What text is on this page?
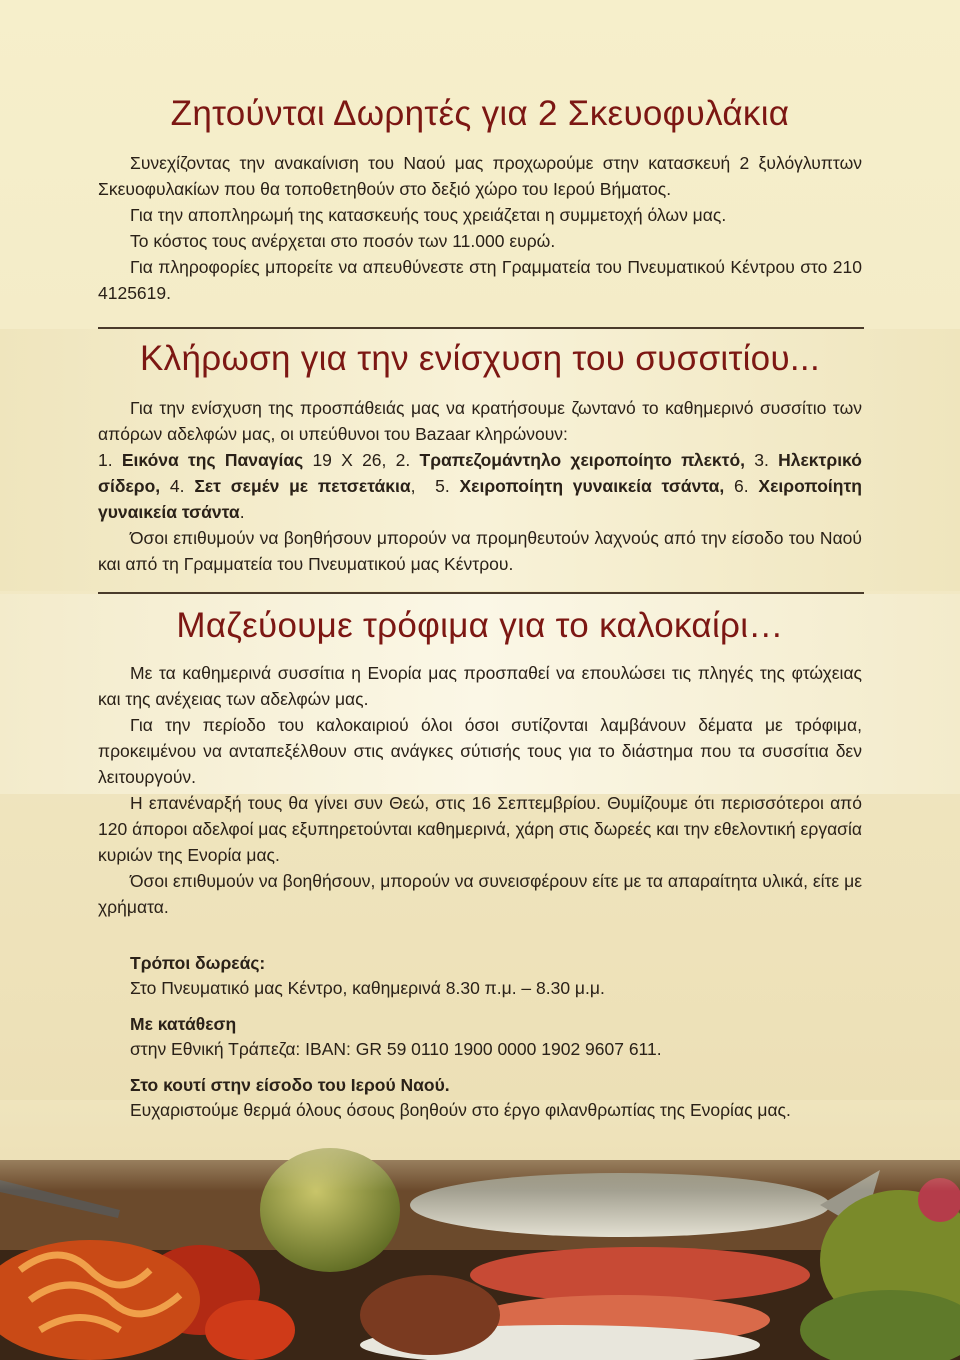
Ζητούνται Δωρητές για 2 Σκευοφυλάκια

Συνεχίζοντας την ανακαίνιση του Ναού μας προχωρούμε στην κατασκευή 2 ξυλόγλυπτων Σκευοφυλακίων που θα τοποθετηθούν στο δεξιό χώρο του Ιερού Βήματος.

Για την αποπληρωμή της κατασκευής τους χρειάζεται η συμμετοχή όλων μας.

Το κόστος τους ανέρχεται στο ποσόν των 11.000 ευρώ.

Για πληροφορίες μπορείτε να απευθύνεστε στη Γραμματεία του Πνευματικού Κέντρου στο 210 4125619.

Κλήρωση για την ενίσχυση του συσσιτίου...

Για την ενίσχυση της προσπάθειάς μας να κρατήσουμε ζωντανό το καθημερινό συσσίτιο των απόρων αδελφών μας, οι υπεύθυνοι του Bazaar κληρώνουν:

1. Εικόνα της Παναγίας 19 Χ 26, 2. Τραπεζομάντηλο χειροποίητο πλεκτό, 3. Ηλεκτρικό σίδερο, 4. Σετ σεμέν με πετσετάκια, 5. Χειροποίητη γυναικεία τσάντα, 6. Χειροποίητη γυναικεία τσάντα.

Όσοι επιθυμούν να βοηθήσουν μπορούν να προμηθευτούν λαχνούς από την είσοδο του Ναού και από τη Γραμματεία του Πνευματικού μας Κέντρου.

Μαζεύουμε τρόφιμα για το καλοκαίρι…

Με τα καθημερινά συσσίτια η Ενορία μας προσπαθεί να επουλώσει τις πληγές της φτώχειας και της ανέχειας των αδελφών μας.

Για την περίοδο του καλοκαιριού όλοι όσοι συτίζονται λαμβάνουν δέματα με τρόφιμα, προκειμένου να ανταπεξέλθουν στις ανάγκες σύτισής τους για το διάστημα που τα συσσίτια δεν λειτουργούν.

Η επανέναρξή τους θα γίνει συν Θεώ, στις 16 Σεπτεμβρίου. Θυμίζουμε ότι περισσότεροι από 120 άποροι αδελφοί μας εξυπηρετούνται καθημερινά, χάρη στις δωρεές και την εθελοντική εργασία κυριών της Ενορία μας.

Όσοι επιθυμούν να βοηθήσουν, μπορούν να συνεισφέρουν είτε με τα απαραίτητα υλικά, είτε με χρήματα.

Τρόποι δωρεάς:
Στο Πνευματικό μας Κέντρο, καθημερινά 8.30 π.μ. – 8.30 μ.μ.
Με κατάθεση
στην Εθνική Τράπεζα: IBAN: GR 59 0110 1900 0000 1902 9607 611.
Στο κουτί στην είσοδο του Ιερού Ναού.
Ευχαριστούμε θερμά όλους όσους βοηθούν στο έργο φιλανθρωπίας της Ενορίας μας.
